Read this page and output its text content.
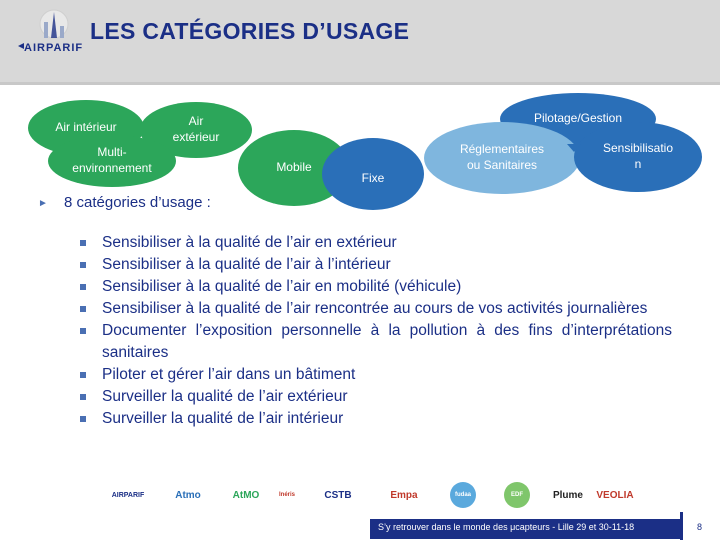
AIRPARIF
LES CATÉGORIES D’USAGE
Air intérieur	Air extérieur
Multi-environnement	Mobile
Fixe
Pilotage/Gestion
Réglementaires ou Sanitaires
Sensibilisation
► 8 catégories d’usage :
Sensibiliser à la qualité de l’air en extérieur
Sensibiliser à la qualité de l’air à l’intérieur
Sensibiliser à la qualité de l’air en mobilité (véhicule)
Sensibiliser à la qualité de l’air rencontrée au cours de vos activités journalières
Documenter l’exposition personnelle à la pollution à des fins d’interprétations sanitaires
Piloter et gérer l’air dans un bâtiment
Surveiller la qualité de l’air extérieur
Surveiller la qualité de l’air intérieur
AIRPARIF	Atmo	AtMO	Inéris	CSTB	Empa	fudaa	EDF	Plume VEOLIA
S’y retrouver dans le monde des μcapteurs - Lille 29 et 30-11-18	8
